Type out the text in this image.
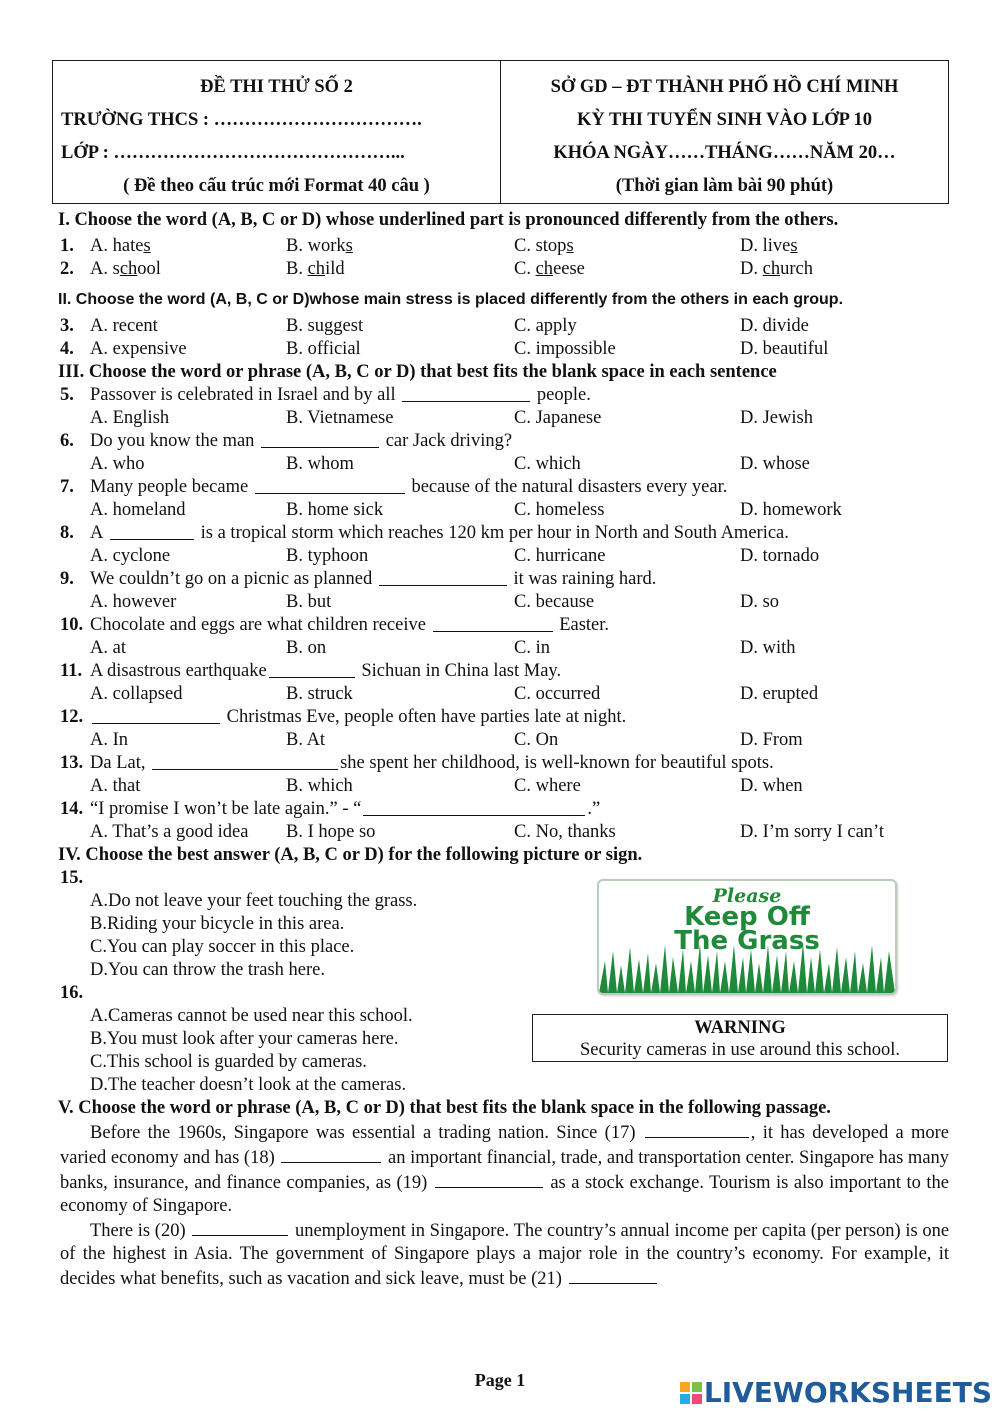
ĐỀ THI THỬ SỐ 2
TRƯỜNG THCS : …………………………….
LỚP : ………………………………………...
( Đề theo cấu trúc mới Format 40 câu )
SỞ GD – ĐT THÀNH PHỐ HỒ CHÍ MINH
KỲ THI TUYỂN SINH VÀO LỚP 10
KHÓA NGÀY……THÁNG……NĂM 20…
(Thời gian làm bài 90 phút)
I. Choose the word (A, B, C or D) whose underlined part is pronounced differently from the others.
1. A. hates	B. works	C. stops	D. lives
2. A. school	B. child	C. cheese	D. church
II. Choose the word (A, B, C or D)whose main stress is placed differently from the others in each group.
3. A. recent	B. suggest	C. apply	D. divide
4. A. expensive	B. official	C. impossible	D. beautiful
III. Choose the word or phrase (A, B, C or D) that best fits the blank space in each sentence
5. Passover is celebrated in Israel and by all

	people.
A. English	B. Vietnamese	C. Japanese	D. Jewish
6. Do you know the man

	car Jack driving?
A. who	B. whom	C. which	D. whose
7. Many people became

	because of the natural disasters every year.
A. homeland	B. home sick	C. homeless	D. homework
8. A

	is a tropical storm which reaches 120 km per hour in North and South America.
A. cyclone	B. typhoon	C. hurricane	D. tornado
9. We couldn’t go on a picnic as planned

	it was raining hard.
A. however	B. but	C. because	D. so
10. Chocolate and eggs are what children receive

	Easter.
A. at	B. on	C. in	D. with
11. A disastrous earthquake
	Sichuan in China last May.
A. collapsed	B. struck	C. occurred	D. erupted
12.
	Christmas Eve, people often have parties late at night.
A. In	B. At	C. On	D. From
13. Da Lat,
	she spent her childhood, is well-known for beautiful spots.
A. that	B. which	C. where	D. when
14. “I promise I won’t be late again.” - “	.”
A. That’s a good idea	B. I hope so	C. No, thanks	D. I’m sorry I can’t
IV. Choose the best answer (A, B, C or D) for the following picture or sign.
15.
A.Do not leave your feet touching the grass.
B.Riding your bicycle in this area.
C.You can play soccer in this place.
D.You can throw the trash here.
16.
A.Cameras cannot be used near this school.
B.You must look after your cameras here.
C.This school is guarded by cameras.
D.The teacher doesn’t look at the cameras.
Please
Keep Off
The Grass
WARNING
Security cameras in use around this school.
V. Choose the word or phrase (A, B, C or D) that best fits the blank space in the following passage.
Before the 1960s, Singapore was essential a trading nation. Since (17)	, it has developed a more varied economy and has (18)	an important financial, trade, and transportation center. Singapore has many banks, insurance, and finance companies, as (19)	as a stock exchange. Tourism is also important to the economy of Singapore.
There is (20)	unemployment in Singapore. The country’s annual income per capita (per person) is one of the highest in Asia. The government of Singapore plays a major role in the country’s economy. For example, it decides what benefits, such as vacation and sick leave, must be (21)
Page 1	LIVEWORKSHEETS
